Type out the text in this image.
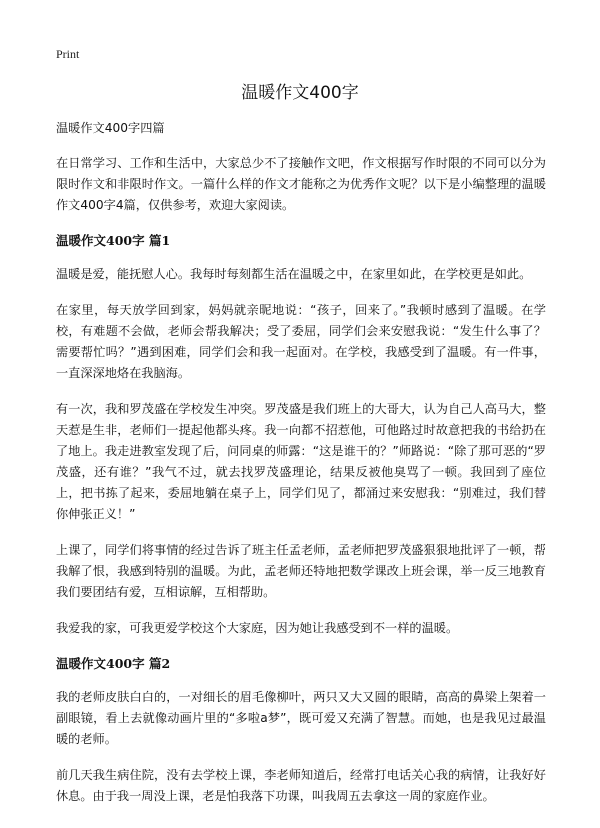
Print
温暖作文400字

温暖作文400字四篇

在日常学习、工作和生活中，大家总少不了接触作文吧，作文根据写作时限的不同可以分为限时作文和非限时作文。一篇什么样的作文才能称之为优秀作文呢？以下是小编整理的温暖作文400字4篇，仅供参考，欢迎大家阅读。

温暖作文400字 篇1

温暖是爱，能抚慰人心。我每时每刻都生活在温暖之中，在家里如此，在学校更是如此。

在家里，每天放学回到家，妈妈就亲昵地说：“孩子，回来了。”我顿时感到了温暖。在学校，有难题不会做，老师会帮我解决；受了委屈，同学们会来安慰我说：“发生什么事了？需要帮忙吗？”遇到困难，同学们会和我一起面对。在学校，我感受到了温暖。有一件事，一直深深地烙在我脑海。

有一次，我和罗茂盛在学校发生冲突。罗茂盛是我们班上的大哥大，认为自己人高马大，整天惹是生非，老师们一提起他都头疼。我一向都不招惹他，可他路过时故意把我的书给扔在了地上。我走进教室发现了后，问同桌的师露：“这是谁干的？”师路说：“除了那可恶的“罗茂盛，还有谁？”我气不过，就去找罗茂盛理论，结果反被他臭骂了一顿。我回到了座位上，把书拣了起来，委屈地躺在桌子上，同学们见了，都涌过来安慰我：“别难过，我们替你伸张正义！”

上课了，同学们将事情的经过告诉了班主任孟老师，孟老师把罗茂盛狠狠地批评了一顿，帮我解了恨，我感到特别的温暖。为此，孟老师还特地把数学课改上班会课，举一反三地教育我们要团结有爱，互相谅解，互相帮助。

我爱我的家，可我更爱学校这个大家庭，因为她让我感受到不一样的温暖。

温暖作文400字 篇2

我的老师皮肤白白的，一对细长的眉毛像柳叶，两只又大又圆的眼睛，高高的鼻梁上架着一副眼镜，看上去就像动画片里的“多啦a梦”，既可爱又充满了智慧。而她，也是我见过最温暖的老师。

前几天我生病住院，没有去学校上课，李老师知道后，经常打电话关心我的病情，让我好好休息。由于我一周没上课，老是怕我落下功课，叫我周五去拿这一周的家庭作业。
